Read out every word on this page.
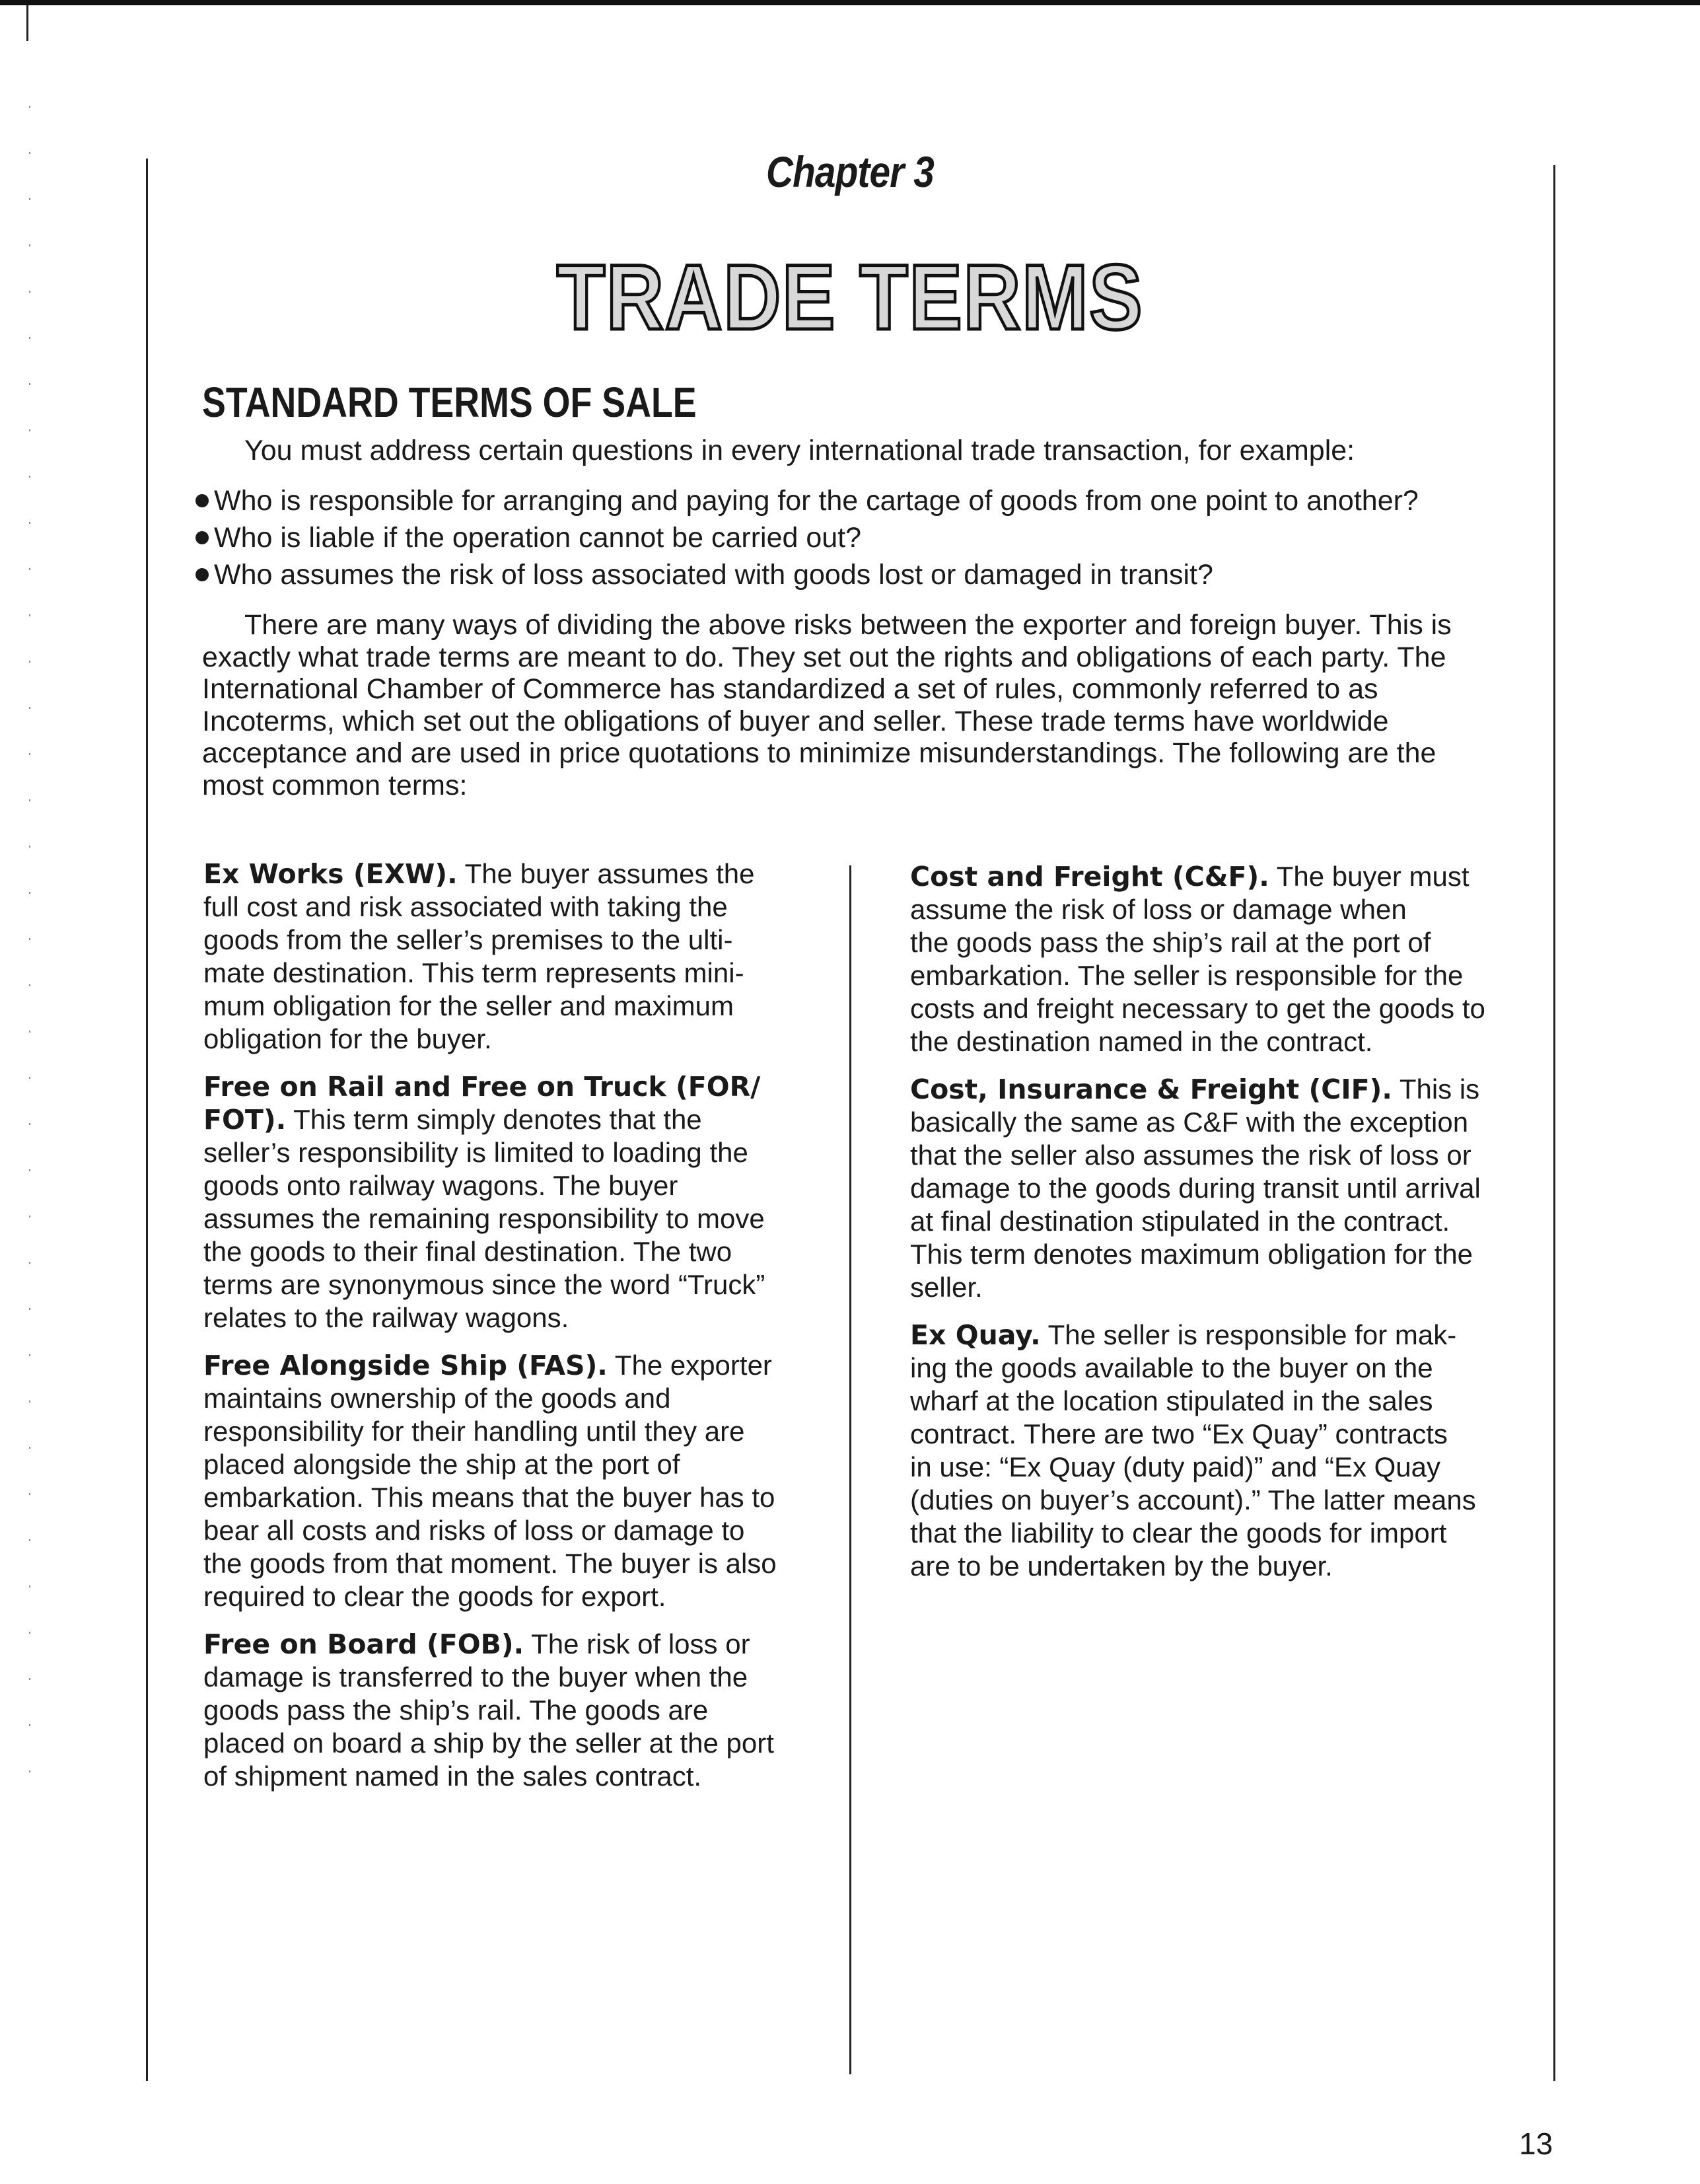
Chapter 3
TRADE TERMS
STANDARD TERMS OF SALE
You must address certain questions in every international trade transaction, for example:
Who is responsible for arranging and paying for the cartage of goods from one point to another?
Who is liable if the operation cannot be carried out?
Who assumes the risk of loss associated with goods lost or damaged in transit?
There are many ways of dividing the above risks between the exporter and foreign buyer. This is
exactly what trade terms are meant to do. They set out the rights and obligations of each party. The
International Chamber of Commerce has standardized a set of rules, commonly referred to as
Incoterms, which set out the obligations of buyer and seller. These trade terms have worldwide
acceptance and are used in price quotations to minimize misunderstandings. The following are the
most common terms:
Ex Works (EXW). The buyer assumes the
full cost and risk associated with taking the
goods from the seller’s premises to the ulti-
mate destination. This term represents mini-
mum obligation for the seller and maximum
obligation for the buyer.
Free on Rail and Free on Truck (FOR/
FOT). This term simply denotes that the
seller’s responsibility is limited to loading the
goods onto railway wagons. The buyer
assumes the remaining responsibility to move
the goods to their final destination. The two
terms are synonymous since the word “Truck”
relates to the railway wagons.
Free Alongside Ship (FAS). The exporter
maintains ownership of the goods and
responsibility for their handling until they are
placed alongside the ship at the port of
embarkation. This means that the buyer has to
bear all costs and risks of loss or damage to
the goods from that moment. The buyer is also
required to clear the goods for export.
Free on Board (FOB). The risk of loss or
damage is transferred to the buyer when the
goods pass the ship’s rail. The goods are
placed on board a ship by the seller at the port
of shipment named in the sales contract.
Cost and Freight (C&F). The buyer must
assume the risk of loss or damage when
the goods pass the ship’s rail at the port of
embarkation. The seller is responsible for the
costs and freight necessary to get the goods to
the destination named in the contract.
Cost, Insurance & Freight (CIF). This is
basically the same as C&F with the exception
that the seller also assumes the risk of loss or
damage to the goods during transit until arrival
at final destination stipulated in the contract.
This term denotes maximum obligation for the
seller.
Ex Quay. The seller is responsible for mak-
ing the goods available to the buyer on the
wharf at the location stipulated in the sales
contract. There are two “Ex Quay” contracts
in use: “Ex Quay (duty paid)” and “Ex Quay
(duties on buyer’s account).” The latter means
that the liability to clear the goods for import
are to be undertaken by the buyer.
13
